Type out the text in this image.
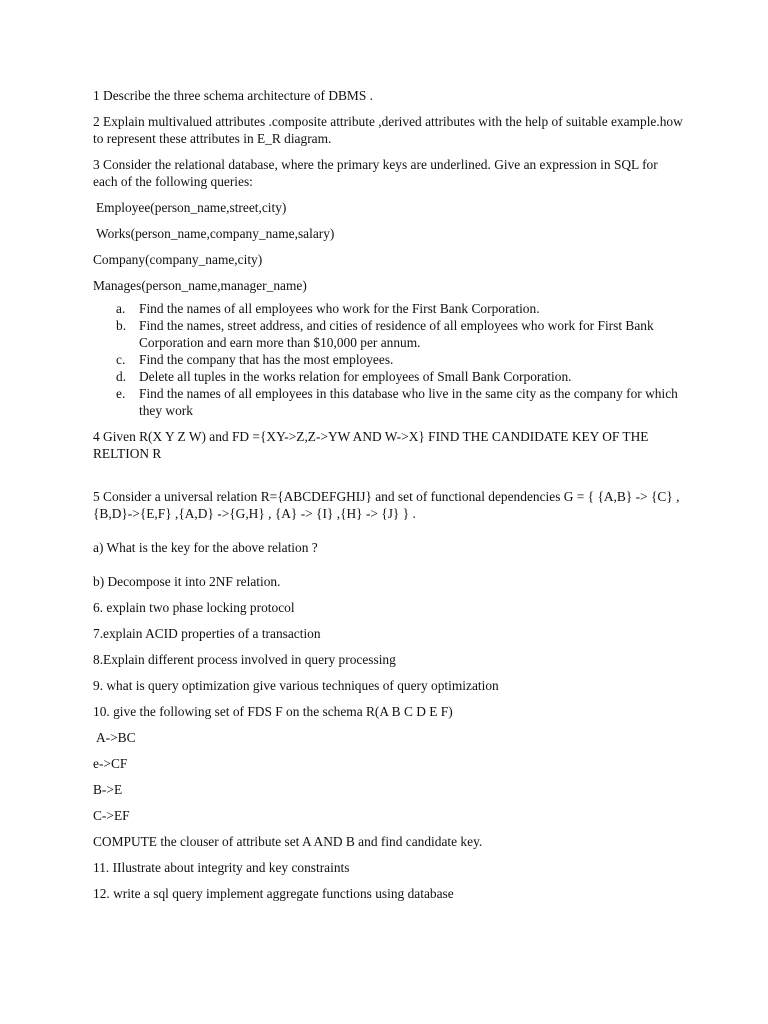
1 Describe the three schema architecture of DBMS .

2 Explain multivalued attributes .composite attribute ,derived attributes with the help of suitable example.how to represent these attributes in E_R diagram.

3 Consider the relational database, where the primary keys are underlined. Give an expression in SQL for each of the following queries:

Employee(person_name,street,city)

Works(person_name,company_name,salary)

Company(company_name,city)

Manages(person_name,manager_name)

a. Find the names of all employees who work for the First Bank Corporation.
b. Find the names, street address, and cities of residence of all employees who work for First Bank Corporation and earn more than $10,000 per annum.
c. Find the company that has the most employees.
d. Delete all tuples in the works relation for employees of Small Bank Corporation.
e. Find the names of all employees in this database who live in the same city as the company for which they work

4 Given R(X Y Z W) and FD ={XY->Z,Z->YW AND W->X} FIND THE CANDIDATE KEY OF THE RELTION R

5 Consider a universal relation R={ABCDEFGHIJ} and set of functional dependencies G = { {A,B} -> {C} , {B,D}->{E,F} ,{A,D} ->{G,H} , {A} -> {I} ,{H} -> {J} } .

a) What is the key for the above relation ?

b) Decompose it into 2NF relation.

6. explain two phase locking protocol

7.explain ACID properties of a transaction

8.Explain different process involved in query processing

9. what is query optimization give various techniques of query optimization

10. give the following set of FDS F on the schema R(A B C D E F)

A->BC

e->CF

B->E

C->EF

COMPUTE the clouser of attribute set A AND B and find candidate key.

11. IIlustrate about integrity and key constraints

12. write a sql query implement aggregate functions using database
